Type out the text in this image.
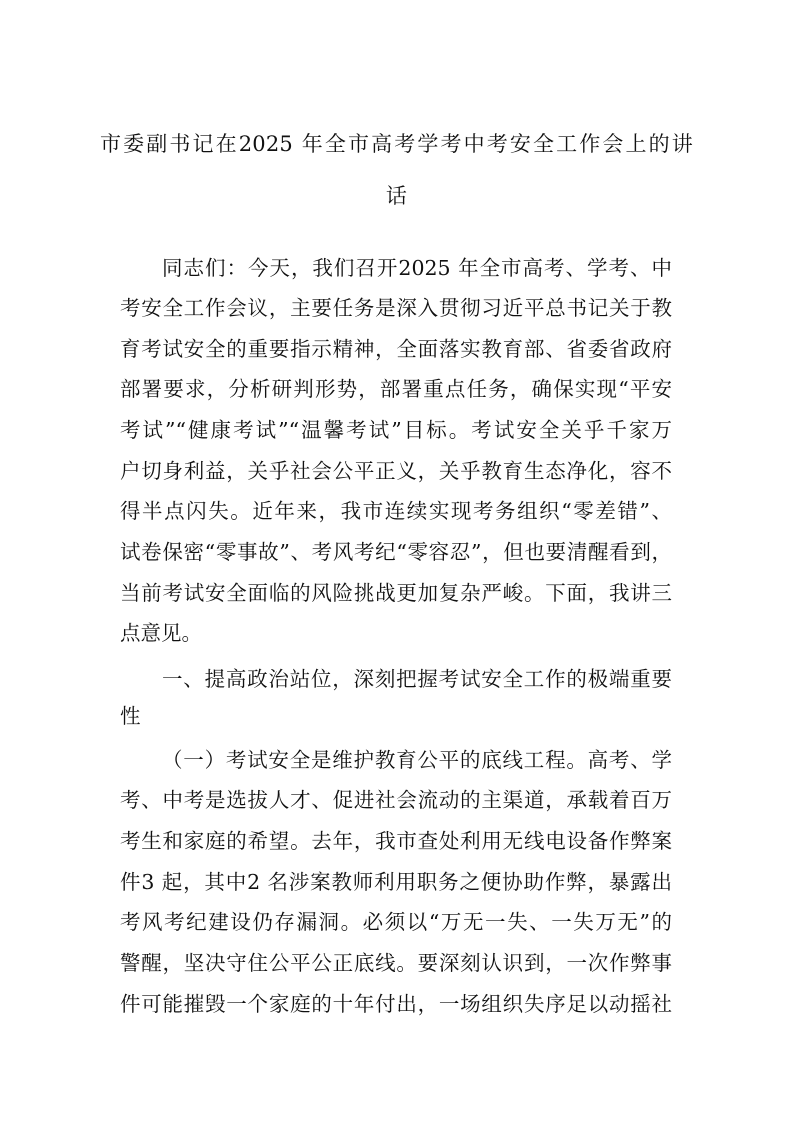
市委副书记在2025 年全市高考学考中考安全工作会上的讲
话

同志们：今天，我们召开2025 年全市高考、学考、中

考安全工作会议，主要任务是深入贯彻习近平总书记关于教

育考试安全的重要指示精神，全面落实教育部、省委省政府

部署要求，分析研判形势，部署重点任务，确保实现“平安

考试”“健康考试”“温馨考试”目标。考试安全关乎千家万

户切身利益，关乎社会公平正义，关乎教育生态净化，容不

得半点闪失。近年来，我市连续实现考务组织“零差错”、

试卷保密“零事故”、考风考纪“零容忍”，但也要清醒看到，

当前考试安全面临的风险挑战更加复杂严峻。下面，我讲三

点意见。

一、提高政治站位，深刻把握考试安全工作的极端重要

性

（一）考试安全是维护教育公平的底线工程。高考、学

考、中考是选拔人才、促进社会流动的主渠道，承载着百万

考生和家庭的希望。去年，我市查处利用无线电设备作弊案

件3 起，其中2 名涉案教师利用职务之便协助作弊，暴露出

考风考纪建设仍存漏洞。必须以“万无一失、一失万无”的

警醒，坚决守住公平公正底线。要深刻认识到，一次作弊事

件可能摧毁一个家庭的十年付出，一场组织失序足以动摇社
